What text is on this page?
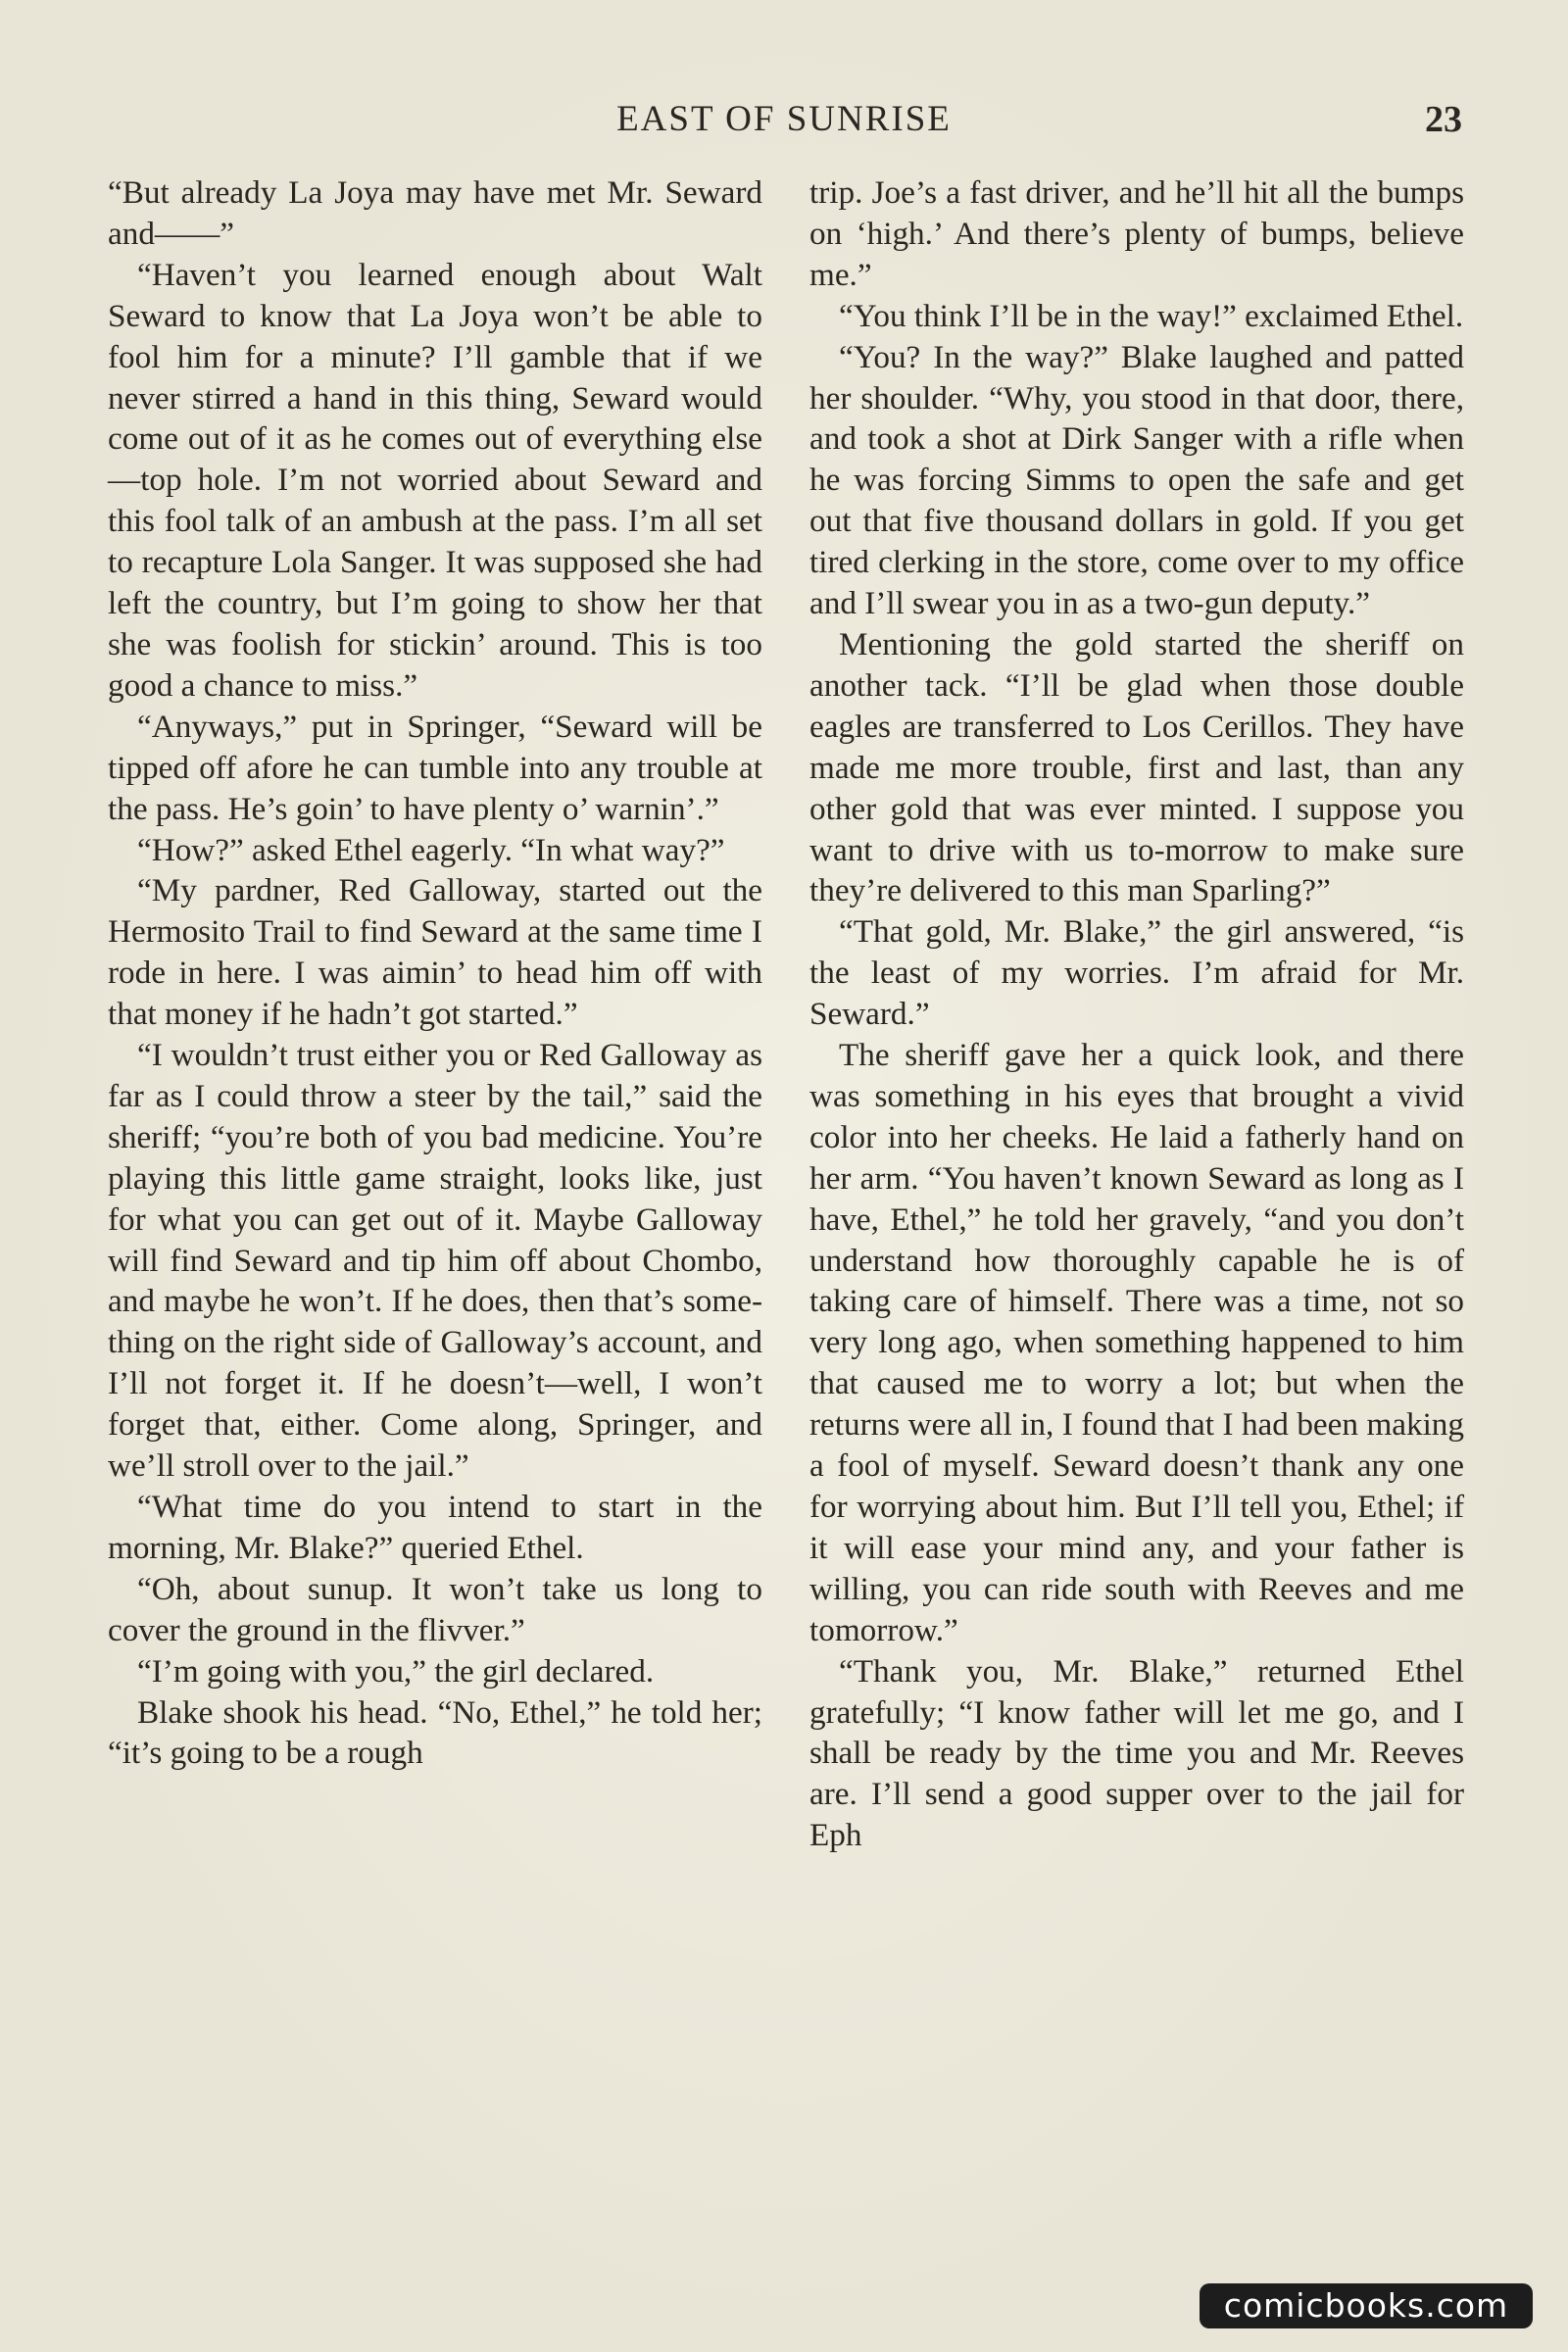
EAST OF SUNRISE	23

“But already La Joya may have met Mr. Seward and——”

“Haven’t you learned enough about Walt Seward to know that La Joya won’t be able to fool him for a minute? I’ll gamble that if we never stirred a hand in this thing, Seward would come out of it as he comes out of everything else—top hole. I’m not worried about Seward and this fool talk of an ambush at the pass. I’m all set to recapture Lola Sanger. It was supposed she had left the country, but I’m going to show her that she was foolish for stickin’ around. This is too good a chance to miss.”

“Anyways,” put in Springer, “Seward will be tipped off afore he can tumble into any trouble at the pass. He’s goin’ to have plenty o’ warnin’.”

“How?” asked Ethel eagerly. “In what way?”

“My pardner, Red Galloway, started out the Hermosito Trail to find Seward at the same time I rode in here. I was aimin’ to head him off with that money if he hadn’t got started.”

“I wouldn’t trust either you or Red Galloway as far as I could throw a steer by the tail,” said the sheriff; “you’re both of you bad medicine. You’re playing this little game straight, looks like, just for what you can get out of it. Maybe Galloway will find Seward and tip him off about Chombo, and maybe he won’t. If he does, then that’s something on the right side of Galloway’s account, and I’ll not forget it. If he doesn’t—well, I won’t forget that, either. Come along, Springer, and we’ll stroll over to the jail.”

“What time do you intend to start in the morning, Mr. Blake?” queried Ethel.

“Oh, about sunup. It won’t take us long to cover the ground in the flivver.”

“I’m going with you,” the girl declared.

Blake shook his head. “No, Ethel,” he told her; “it’s going to be a rough

trip. Joe’s a fast driver, and he’ll hit all the bumps on ‘high.’ And there’s plenty of bumps, believe me.”

“You think I’ll be in the way!” exclaimed Ethel.

“You? In the way?” Blake laughed and patted her shoulder. “Why, you stood in that door, there, and took a shot at Dirk Sanger with a rifle when he was forcing Simms to open the safe and get out that five thousand dollars in gold. If you get tired clerking in the store, come over to my office and I’ll swear you in as a two-gun deputy.”

Mentioning the gold started the sheriff on another tack. “I’ll be glad when those double eagles are transferred to Los Cerillos. They have made me more trouble, first and last, than any other gold that was ever minted. I suppose you want to drive with us to-morrow to make sure they’re delivered to this man Sparling?”

“That gold, Mr. Blake,” the girl answered, “is the least of my worries. I’m afraid for Mr. Seward.”

The sheriff gave her a quick look, and there was something in his eyes that brought a vivid color into her cheeks. He laid a fatherly hand on her arm. “You haven’t known Seward as long as I have, Ethel,” he told her gravely, “and you don’t understand how thoroughly capable he is of taking care of himself. There was a time, not so very long ago, when something happened to him that caused me to worry a lot; but when the returns were all in, I found that I had been making a fool of myself. Seward doesn’t thank any one for worrying about him. But I’ll tell you, Ethel; if it will ease your mind any, and your father is willing, you can ride south with Reeves and me tomorrow.”

“Thank you, Mr. Blake,” returned Ethel gratefully; “I know father will let me go, and I shall be ready by the time you and Mr. Reeves are. I’ll send a good supper over to the jail for Eph

comicbooks.com
